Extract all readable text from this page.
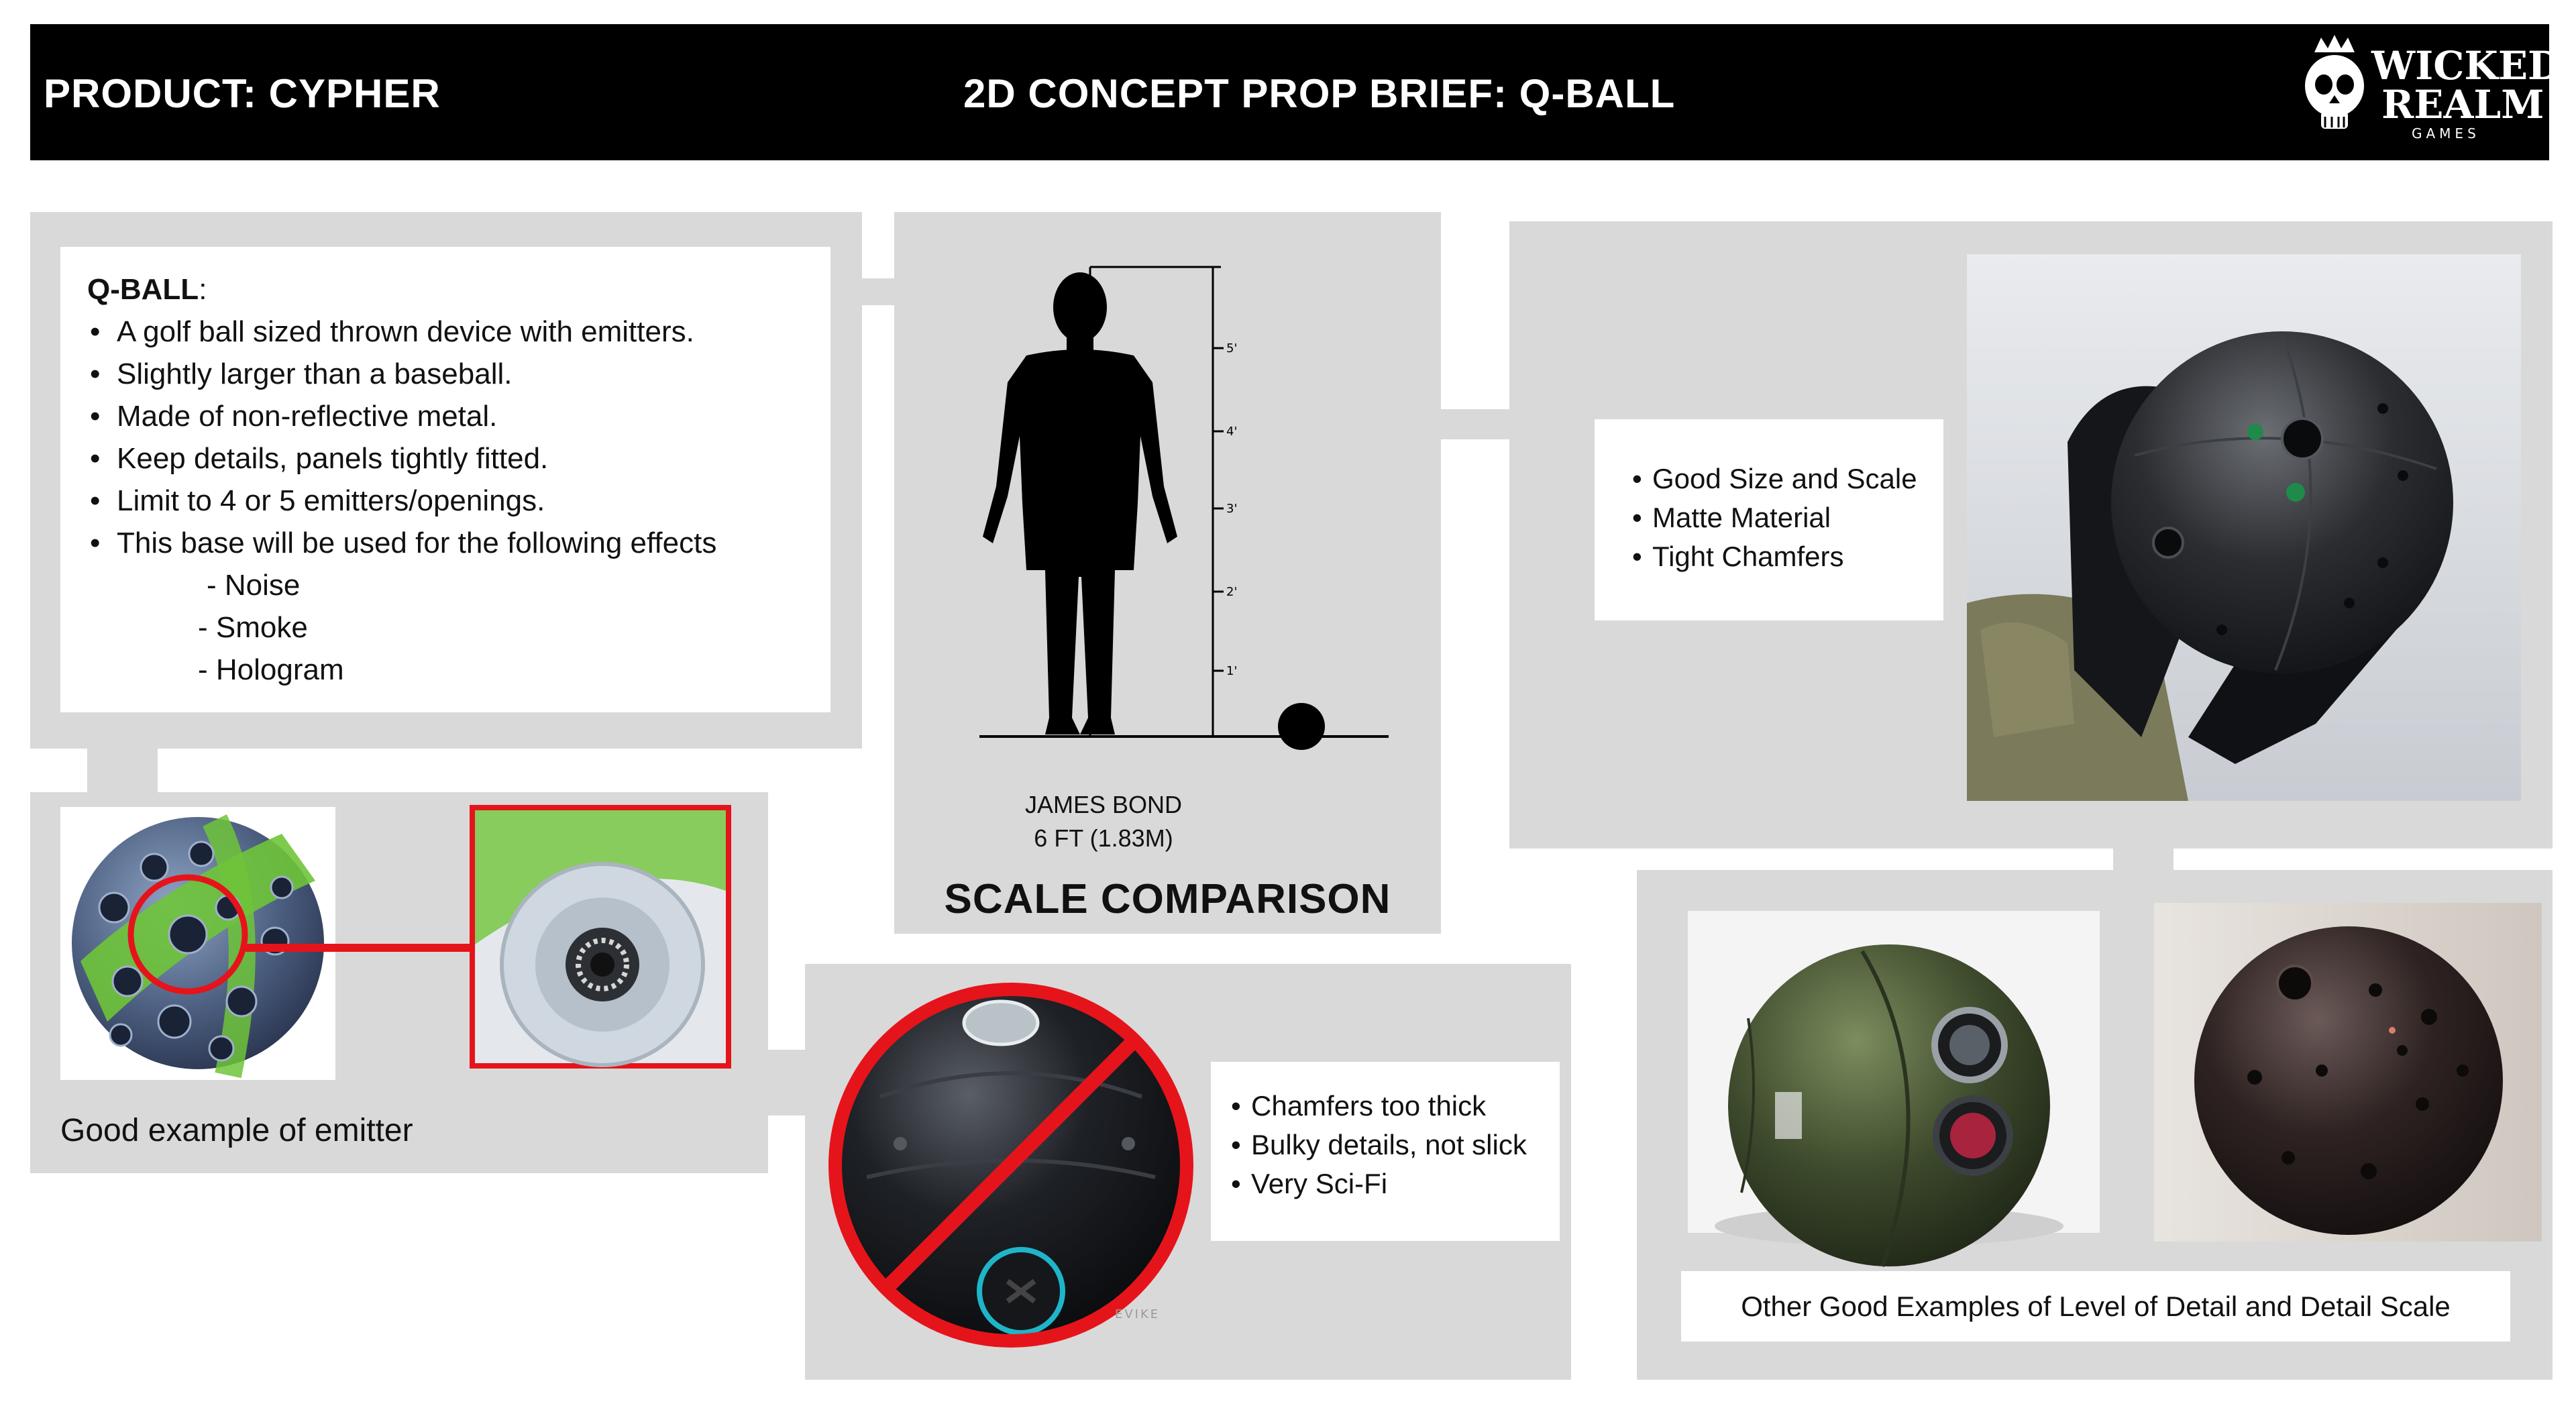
PRODUCT: CYPHER	2D CONCEPT PROP BRIEF: Q-BALL
WICKED
REALM
GAMES
Q-BALL:
• A golf ball sized thrown device with emitters.
• Slightly larger than a baseball.
• Made of non-reflective metal.
• Keep details, panels tightly fitted.
• Limit to 4 or 5 emitters/openings.
• This base will be used for the following effects
- Noise
- Smoke
- Hologram
5'
4'
3'
2'
1'
JAMES BOND
6 FT (1.83M)
SCALE COMPARISON
Good example of emitter
EVIKE
• Chamfers too thick
• Bulky details, not slick
• Very Sci-Fi
• Good Size and Scale
• Matte Material
• Tight Chamfers
Other Good Examples of Level of Detail and Detail Scale
